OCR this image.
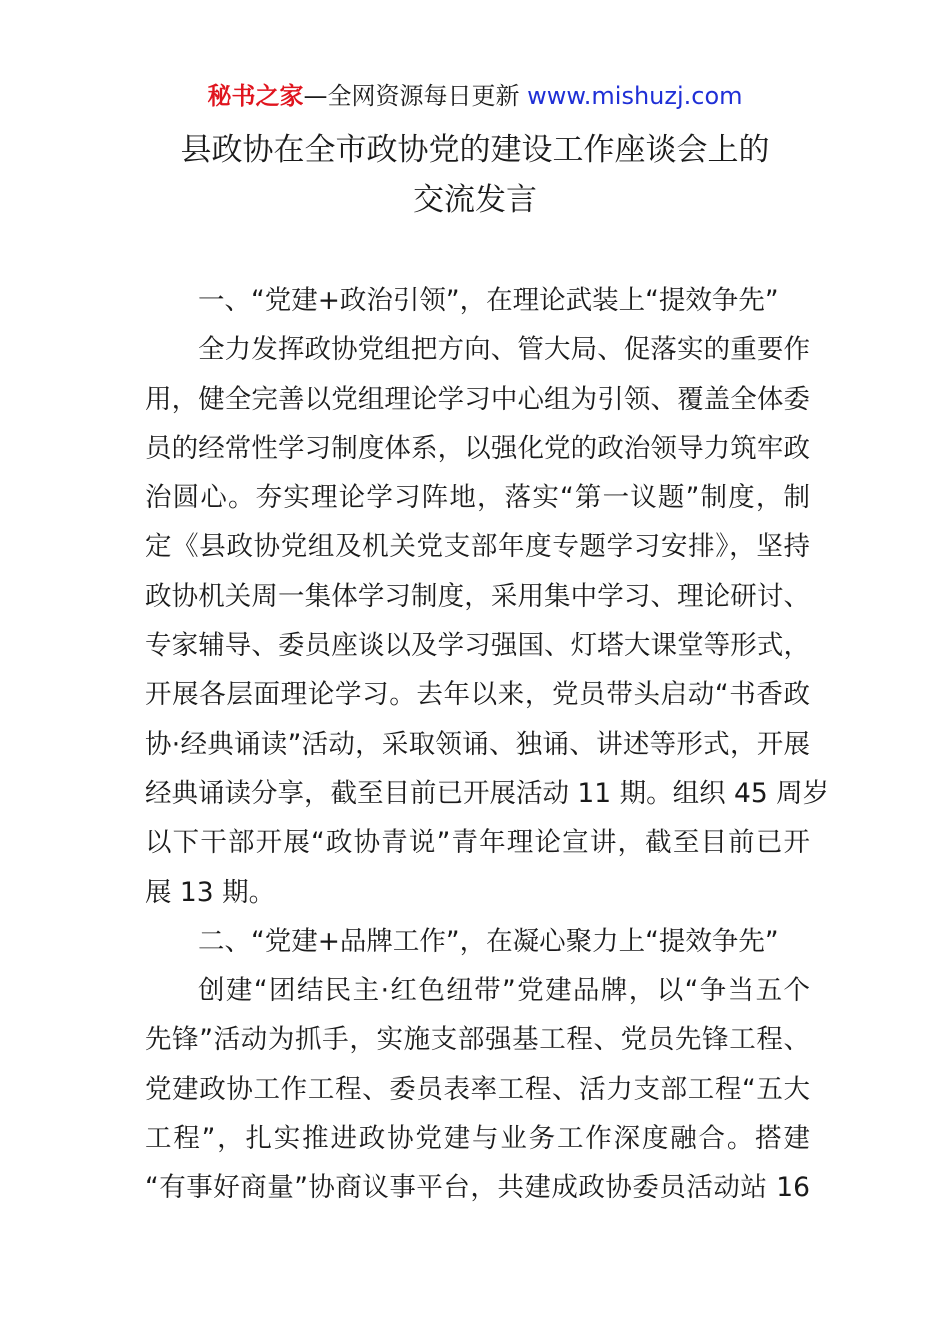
秘书之家—全网资源每日更新 www.mishuzj.com
县政协在全市政协党的建设工作座谈会上的
交流发言
一、“党建+政治引领”，在理论武装上“提效争先”
全力发挥政协党组把方向、管大局、促落实的重要作
用，健全完善以党组理论学习中心组为引领、覆盖全体委
员的经常性学习制度体系，以强化党的政治领导力筑牢政
治圆心。夯实理论学习阵地，落实“第一议题”制度，制
定《县政协党组及机关党支部年度专题学习安排》，坚持
政协机关周一集体学习制度，采用集中学习、理论研讨、
专家辅导、委员座谈以及学习强国、灯塔大课堂等形式，
开展各层面理论学习。去年以来，党员带头启动“书香政
协·经典诵读”活动，采取领诵、独诵、讲述等形式，开展
经典诵读分享，截至目前已开展活动 11 期。组织 45 周岁
以下干部开展“政协青说”青年理论宣讲，截至目前已开
展 13 期。
二、“党建+品牌工作”，在凝心聚力上“提效争先”
创建“团结民主·红色纽带”党建品牌，以“争当五个
先锋”活动为抓手，实施支部强基工程、党员先锋工程、
党建政协工作工程、委员表率工程、活力支部工程“五大
工程”，扎实推进政协党建与业务工作深度融合。搭建
“有事好商量”协商议事平台，共建成政协委员活动站 16
